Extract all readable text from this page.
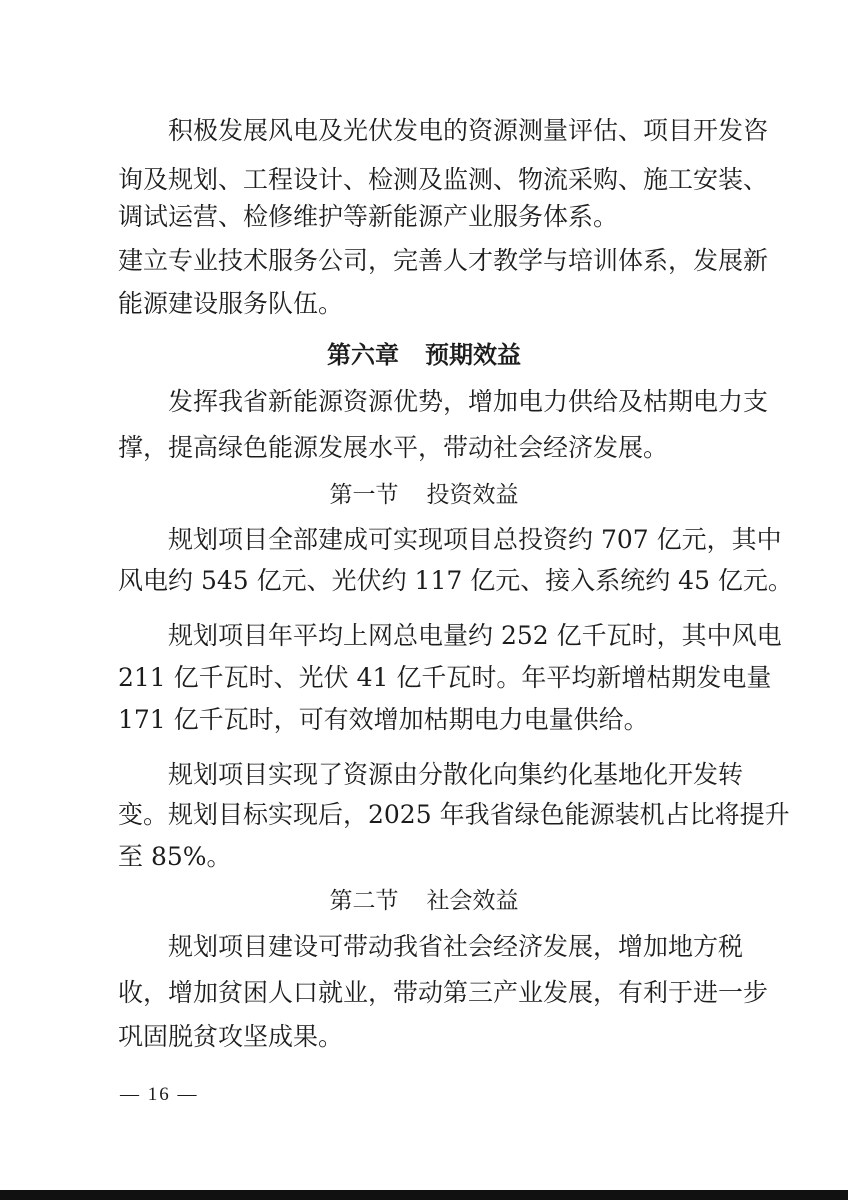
积极发展风电及光伏发电的资源测量评估、项目开发咨
询及规划、工程设计、检测及监测、物流采购、施工安装、
调试运营、检修维护等新能源产业服务体系。
建立专业技术服务公司，完善人才教学与培训体系，发展新
能源建设服务队伍。
第六章 预期效益
发挥我省新能源资源优势，增加电力供给及枯期电力支
撑，提高绿色能源发展水平，带动社会经济发展。
第一节 投资效益
规划项目全部建成可实现项目总投资约 707 亿元，其中
风电约 545 亿元、光伏约 117 亿元、接入系统约 45 亿元。
规划项目年平均上网总电量约 252 亿千瓦时，其中风电
211 亿千瓦时、光伏 41 亿千瓦时。年平均新增枯期发电量
171 亿千瓦时，可有效增加枯期电力电量供给。
规划项目实现了资源由分散化向集约化基地化开发转
变。规划目标实现后，2025 年我省绿色能源装机占比将提升
至 85%。
第二节 社会效益
规划项目建设可带动我省社会经济发展，增加地方税
收，增加贫困人口就业，带动第三产业发展，有利于进一步
巩固脱贫攻坚成果。
— 16 —
